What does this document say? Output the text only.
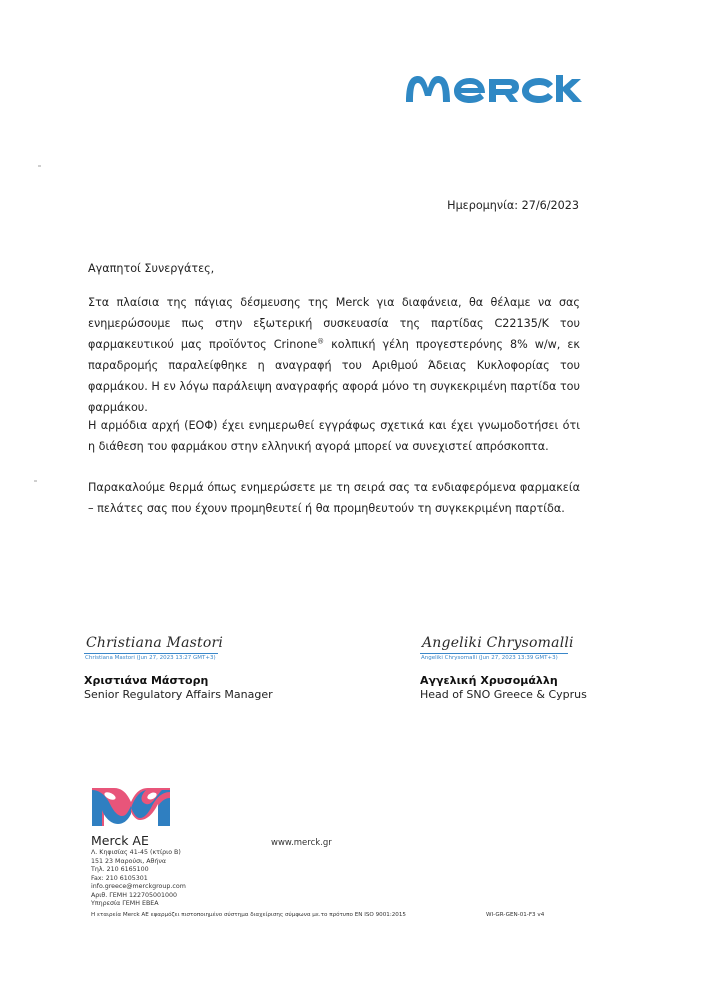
Ημερομηνία: 27/6/2023
Αγαπητοί Συνεργάτες,

Στα πλαίσια της πάγιας δέσμευσης της Merck για διαφάνεια, θα θέλαμε να σας ενημερώσουμε πως στην εξωτερική συσκευασία της παρτίδας C22135/K του φαρμακευτικού μας προϊόντος Crinone® κολπική γέλη προγεστερόνης 8% w/w, εκ παραδρομής παραλείφθηκε η αναγραφή του Αριθμού Άδειας Κυκλοφορίας του φαρμάκου. Η εν λόγω παράλειψη αναγραφής αφορά μόνο τη συγκεκριμένη παρτίδα του φαρμάκου.

Η αρμόδια αρχή (ΕΟΦ) έχει ενημερωθεί εγγράφως σχετικά και έχει γνωμοδοτήσει ότι η διάθεση του φαρμάκου στην ελληνική αγορά μπορεί να συνεχιστεί απρόσκοπτα.

Παρακαλούμε θερμά όπως ενημερώσετε με τη σειρά σας τα ενδιαφερόμενα φαρμακεία – πελάτες σας που έχουν προμηθευτεί ή θα προμηθευτούν τη συγκεκριμένη παρτίδα.

Christiana Mastori
Christiana Mastori (Jun 27, 2023 13:27 GMT+3)
Χριστιάνα Μάστορη
Senior Regulatory Affairs Manager
Angeliki Chrysomalli
Angeliki Chrysomalli (Jun 27, 2023 13:39 GMT+3)
Αγγελική Χρυσομάλλη
Head of SNO Greece & Cyprus
Merck AE
Λ. Κηφισίας 41-45 (κτίριο Β)
151 23 Μαρούσι, Αθήνα
Τηλ. 210 6165100
Fax: 210 6105301
info.greece@merckgroup.com
Αριθ. ΓΕΜΗ 122705001000
Υπηρεσία ΓΕΜΗ ΕΒΕΑ
www.merck.gr
Η εταιρεία Merck AE εφαρμόζει πιστοποιημένο σύστημα διαχείρισης σύμφωνα με.το πρότυπο EN ISO 9001:2015	WI-GR-GEN-01-F3 v4
